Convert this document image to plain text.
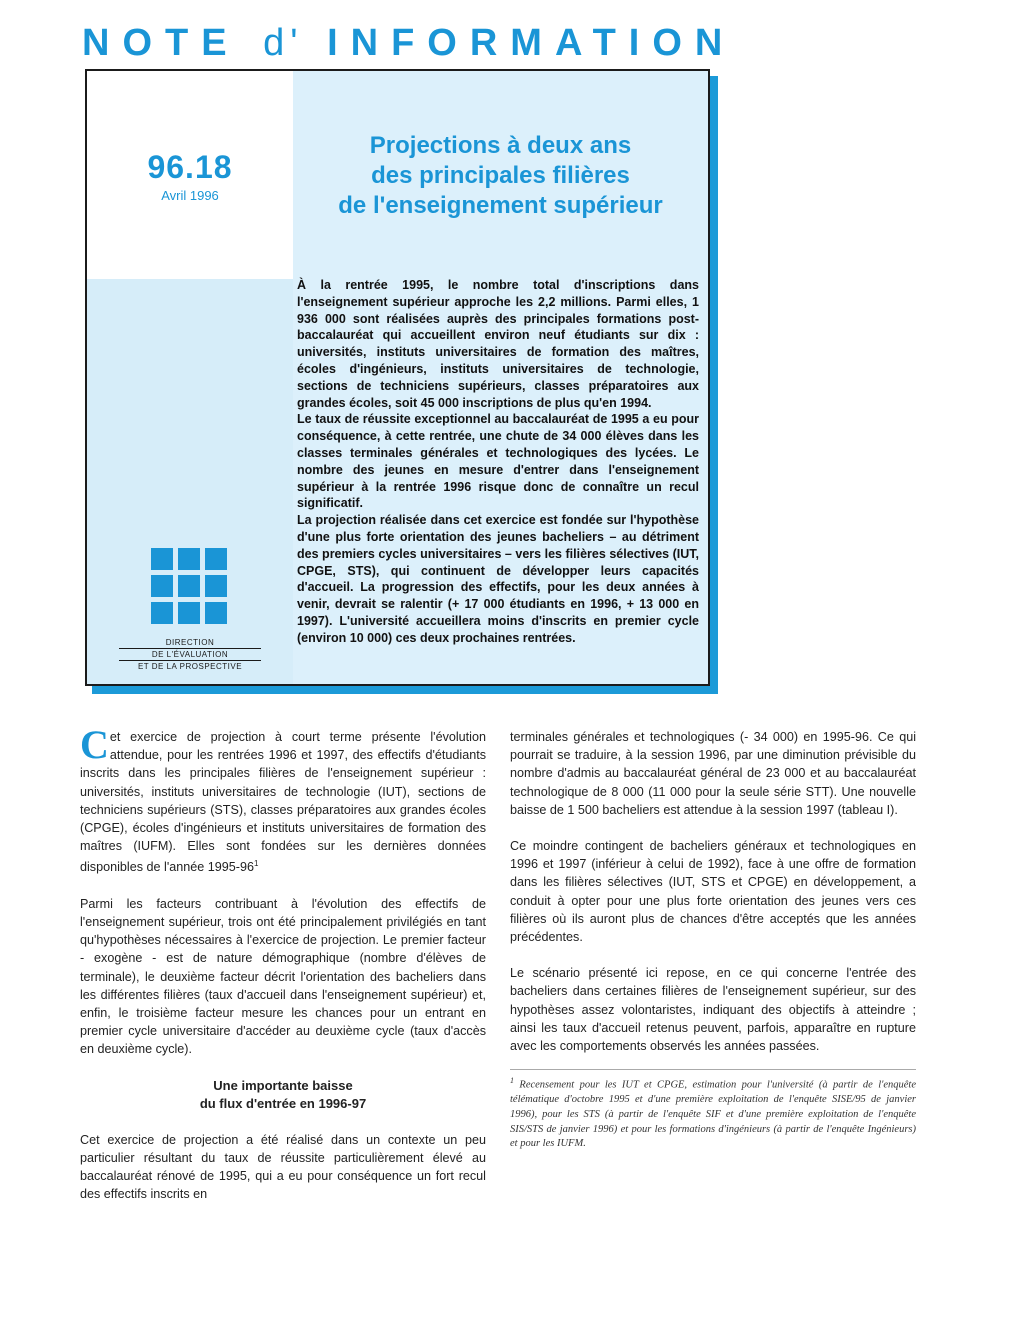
NOTE d' INFORMATION
96.18
Avril 1996
DIRECTION
DE L'ÉVALUATION
ET DE LA PROSPECTIVE
Projections à deux ans
des principales filières
de l'enseignement supérieur

À la rentrée 1995, le nombre total d'inscriptions dans l'enseignement supérieur approche les 2,2 millions. Parmi elles, 1 936 000 sont réalisées auprès des principales formations post-baccalauréat qui accueillent environ neuf étudiants sur dix : universités, instituts universitaires de formation des maîtres, écoles d'ingénieurs, instituts universitaires de technologie, sections de techniciens supérieurs, classes préparatoires aux grandes écoles, soit 45 000 inscriptions de plus qu'en 1994.

Le taux de réussite exceptionnel au baccalauréat de 1995 a eu pour conséquence, à cette rentrée, une chute de 34 000 élèves dans les classes terminales générales et technologiques des lycées. Le nombre des jeunes en mesure d'entrer dans l'enseignement supérieur à la rentrée 1996 risque donc de connaître un recul significatif.

La projection réalisée dans cet exercice est fondée sur l'hypothèse d'une plus forte orientation des jeunes bacheliers – au détriment des premiers cycles universitaires – vers les filières sélectives (IUT, CPGE, STS), qui continuent de développer leurs capacités d'accueil. La progression des effectifs, pour les deux années à venir, devrait se ralentir (+ 17 000 étudiants en 1996, + 13 000 en 1997). L'université accueillera moins d'inscrits en premier cycle (environ 10 000) ces deux prochaines rentrées.

Cet exercice de projection à court terme présente l'évolution attendue, pour les rentrées 1996 et 1997, des effectifs d'étudiants inscrits dans les principales filières de l'enseignement supérieur : universités, instituts universitaires de technologie (IUT), sections de techniciens supérieurs (STS), classes préparatoires aux grandes écoles (CPGE), écoles d'ingénieurs et instituts universitaires de formation des maîtres (IUFM). Elles sont fondées sur les dernières données disponibles de l'année $1995-96^1$

Parmi les facteurs contribuant à l'évolution des effectifs de l'enseignement supérieur, trois ont été principalement privilégiés en tant qu'hypothèses nécessaires à l'exercice de projection. Le premier facteur - exogène - est de nature démographique (nombre d'élèves de terminale), le deuxième facteur décrit l'orientation des bacheliers dans les différentes filières (taux d'accueil dans l'enseignement supérieur) et, enfin, le troisième facteur mesure les chances pour un entrant en premier cycle universitaire d'accéder au deuxième cycle (taux d'accès en deuxième cycle).

Une importante baisse
du flux d'entrée en 1996-97

Cet exercice de projection a été réalisé dans un contexte un peu particulier résultant du taux de réussite particulièrement élevé au baccalauréat rénové de 1995, qui a eu pour conséquence un fort recul des effectifs inscrits en

terminales générales et technologiques (- 34 000) en 1995-96. Ce qui pourrait se traduire, à la session 1996, par une diminution prévisible du nombre d'admis au baccalauréat général de 23 000 et au baccalauréat technologique de 8 000 (11 000 pour la seule série STT). Une nouvelle baisse de 1 500 bacheliers est attendue à la session 1997 (tableau I).

Ce moindre contingent de bacheliers généraux et technologiques en 1996 et 1997 (inférieur à celui de 1992), face à une offre de formation dans les filières sélectives (IUT, STS et CPGE) en développement, a conduit à opter pour une plus forte orientation des jeunes vers ces filières où ils auront plus de chances d'être acceptés que les années précédentes.

Le scénario présenté ici repose, en ce qui concerne l'entrée des bacheliers dans certaines filières de l'enseignement supérieur, sur des hypothèses assez volontaristes, indiquant des objectifs à atteindre ; ainsi les taux d'accueil retenus peuvent, parfois, apparaître en rupture avec les comportements observés les années passées.

$^1$ Recensement pour les IUT et CPGE, estimation pour l'université (à partir de l'enquête télématique d'octobre 1995 et d'une première exploitation de l'enquête SISE/95 de janvier 1996), pour les STS (à partir de l'enquête SIF et d'une première exploitation de l'enquête SIS/STS de janvier 1996) et pour les formations d'ingénieurs (à partir de l'enquête Ingénieurs) et pour les IUFM.
